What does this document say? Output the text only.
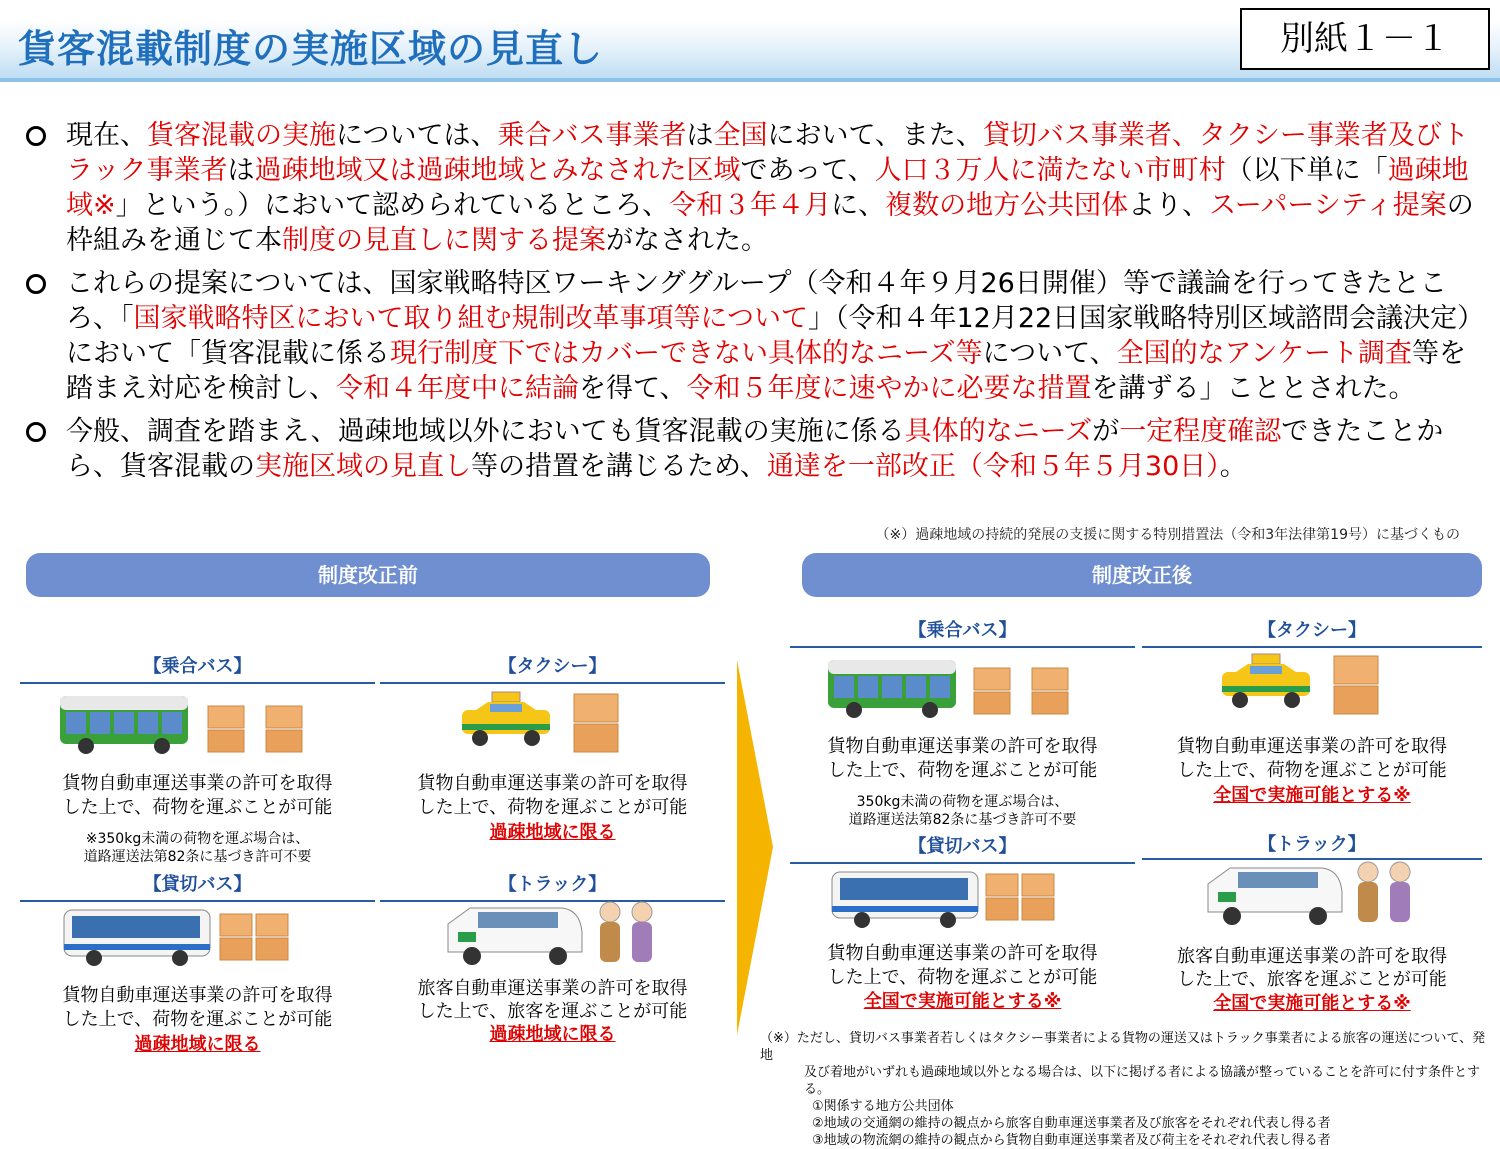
貨客混載制度の実施区域の見直し	別紙１－１
現在、貨客混載の実施については、乗合バス事業者は全国において、また、貸切バス事業者、タクシー事業者及びトラック事業者は過疎地域又は過疎地域とみなされた区域であって、人口３万人に満たない市町村（以下単に「過疎地域※」という。）において認められているところ、令和３年４月に、複数の地方公共団体より、スーパーシティ提案の枠組みを通じて本制度の見直しに関する提案がなされた。
これらの提案については、国家戦略特区ワーキンググループ（令和４年９月26日開催）等で議論を行ってきたところ、「国家戦略特区において取り組む規制改革事項等について」（令和４年12月22日国家戦略特別区域諮問会議決定）において「貨客混載に係る現行制度下ではカバーできない具体的なニーズ等について、全国的なアンケート調査等を踏まえ対応を検討し、令和４年度中に結論を得て、令和５年度に速やかに必要な措置を講ずる」こととされた。
今般、調査を踏まえ、過疎地域以外においても貨客混載の実施に係る具体的なニーズが一定程度確認できたことから、貨客混載の実施区域の見直し等の措置を講じるため、通達を一部改正（令和５年５月30日）。
（※）過疎地域の持続的発展の支援に関する特別措置法（令和3年法律第19号）に基づくもの
制度改正前	制度改正後
【乗合バス】
貨物自動車運送事業の許可を取得
した上で、荷物を運ぶことが可能
※350kg未満の荷物を運ぶ場合は、
道路運送法第82条に基づき許可不要
【タクシー】
貨物自動車運送事業の許可を取得
した上で、荷物を運ぶことが可能
過疎地域に限る
【貸切バス】
貨物自動車運送事業の許可を取得
した上で、荷物を運ぶことが可能
過疎地域に限る
【トラック】
旅客自動車運送事業の許可を取得
した上で、旅客を運ぶことが可能
過疎地域に限る
【乗合バス】
貨物自動車運送事業の許可を取得
した上で、荷物を運ぶことが可能
350kg未満の荷物を運ぶ場合は、
道路運送法第82条に基づき許可不要
【タクシー】
貨物自動車運送事業の許可を取得
した上で、荷物を運ぶことが可能
全国で実施可能とする※
【貸切バス】
貨物自動車運送事業の許可を取得
した上で、荷物を運ぶことが可能
全国で実施可能とする※
【トラック】
旅客自動車運送事業の許可を取得
した上で、旅客を運ぶことが可能
全国で実施可能とする※
（※）ただし、貸切バス事業者若しくはタクシー事業者による貨物の運送又はトラック事業者による旅客の運送について、発地
及び着地がいずれも過疎地域以外となる場合は、以下に掲げる者による協議が整っていることを許可に付す条件とする。
①関係する地方公共団体
②地域の交通網の維持の観点から旅客自動車運送事業者及び旅客をそれぞれ代表し得る者
③地域の物流網の維持の観点から貨物自動車運送事業者及び荷主をそれぞれ代表し得る者
